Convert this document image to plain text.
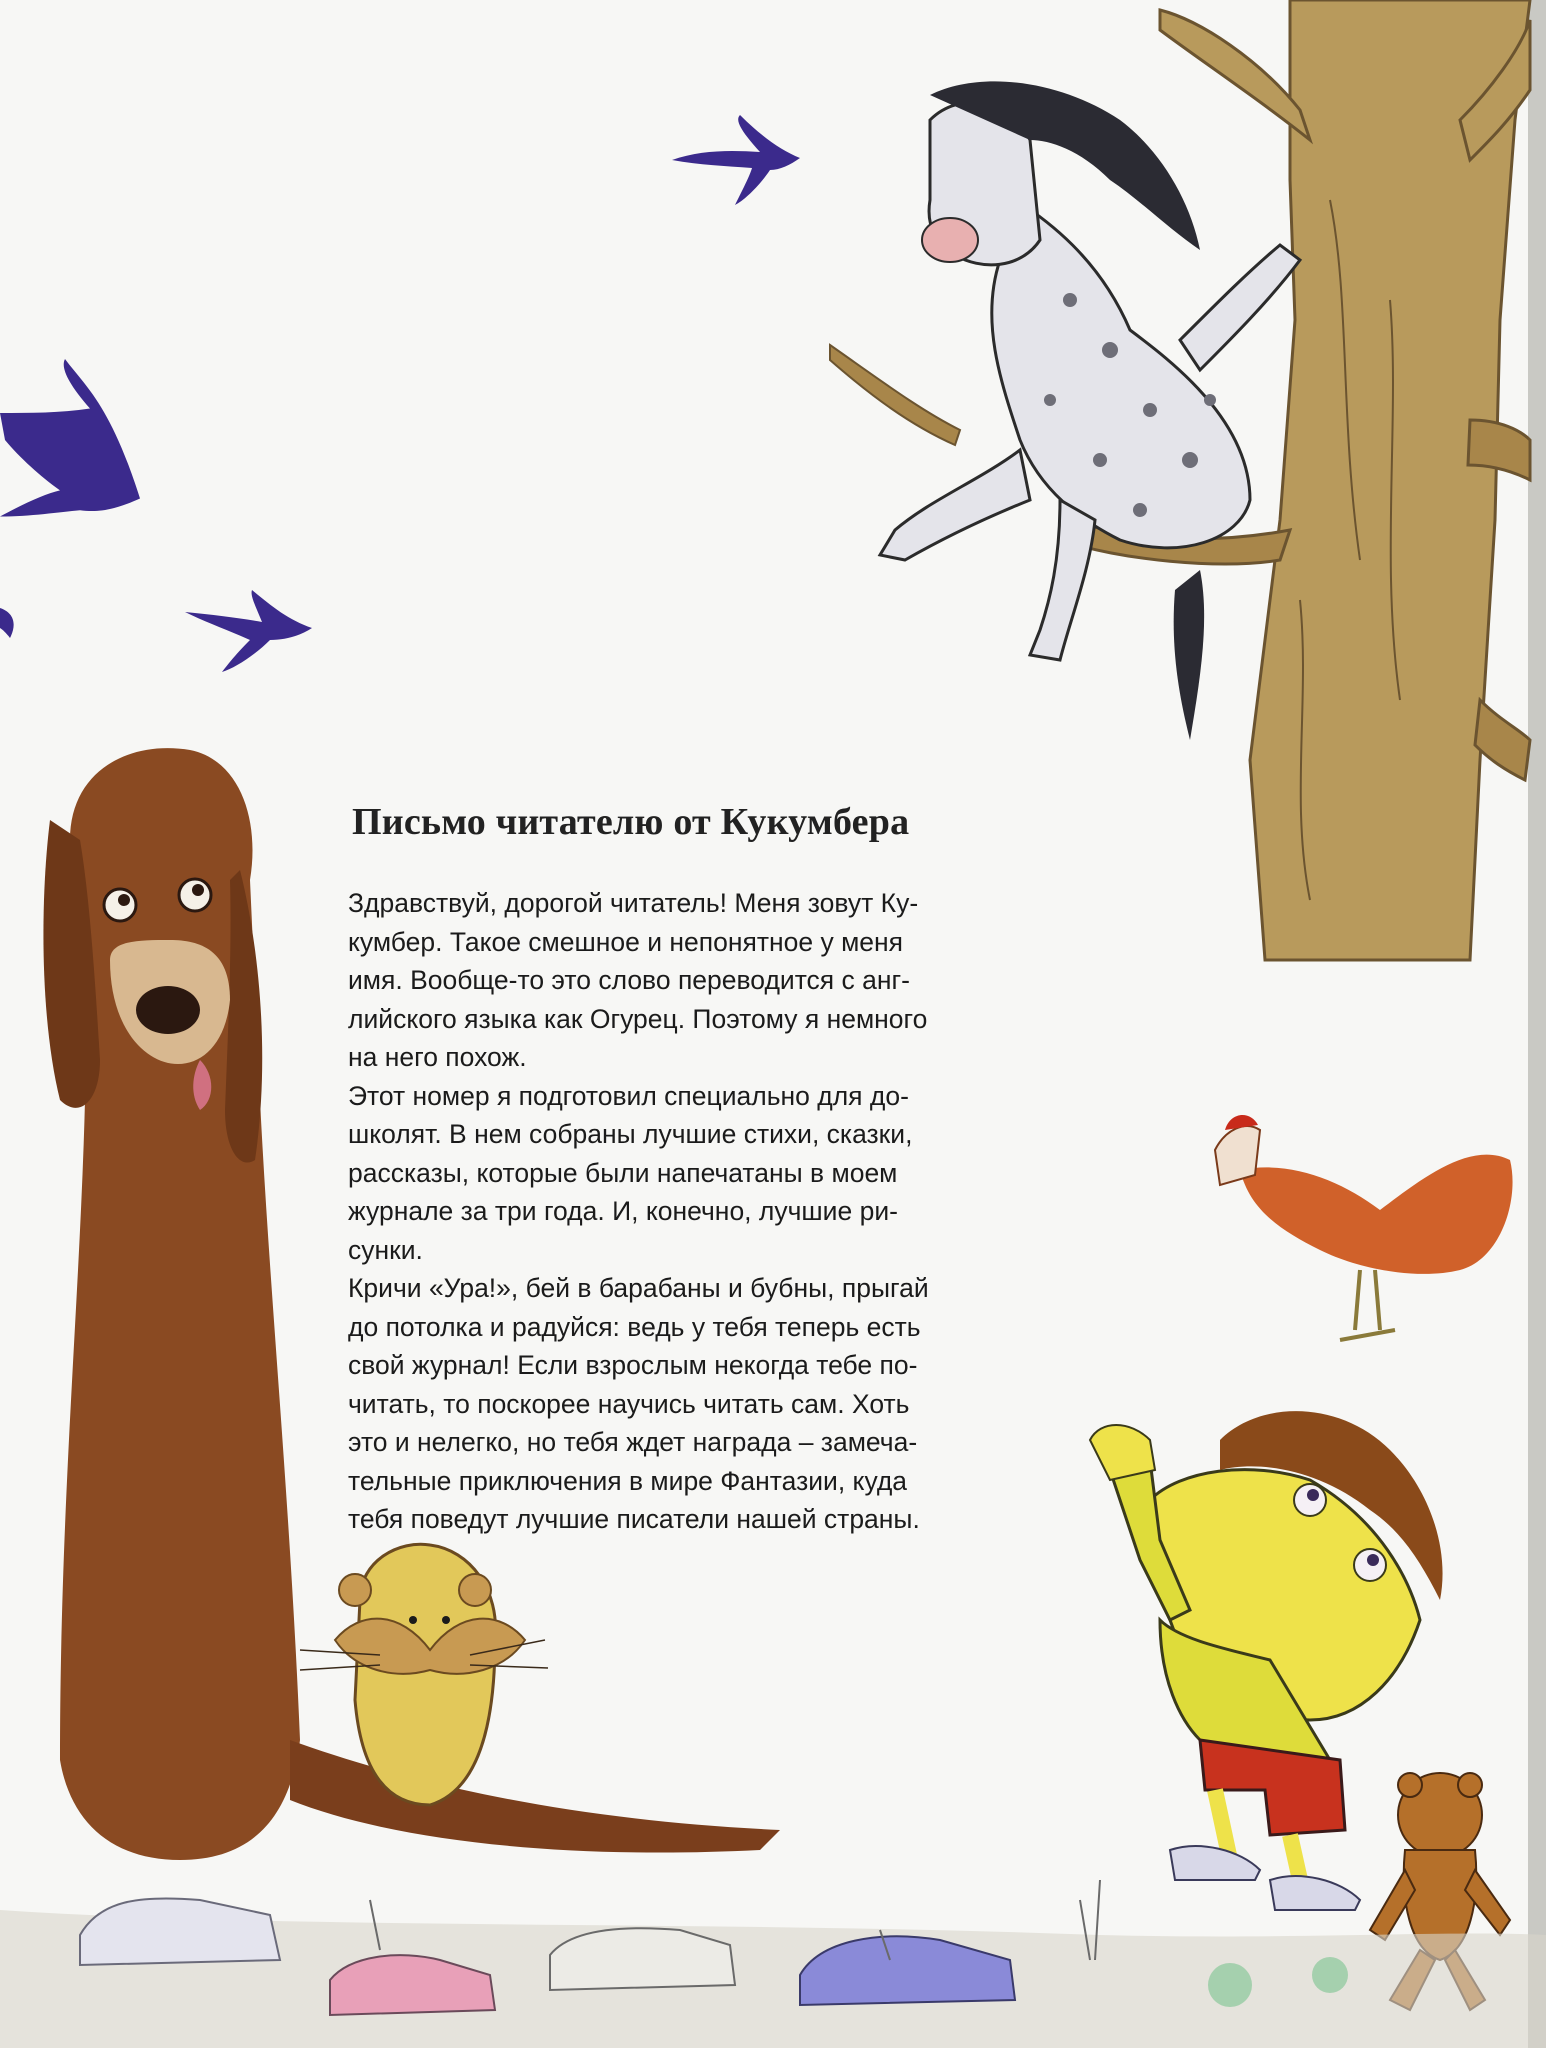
Письмо читателю от Кукумбера

Здравствуй, дорогой читатель! Меня зовут Ку-
кумбер. Такое смешное и непонятное у меня
имя. Вообще-то это слово переводится с анг-
лийского языка как Огурец. Поэтому я немного
на него похож.

Этот номер я подготовил специально для до-
школят. В нем собраны лучшие стихи, сказки,
рассказы, которые были напечатаны в моем
журнале за три года. И, конечно, лучшие ри-
сунки.

Кричи «Ура!», бей в барабаны и бубны, прыгай
до потолка и радуйся: ведь у тебя теперь есть
свой журнал! Если взрослым некогда тебе по-
читать, то поскорее научись читать сам. Хоть
это и нелегко, но тебя ждет награда – замеча-
тельные приключения в мире Фантазии, куда
тебя поведут лучшие писатели нашей страны.
